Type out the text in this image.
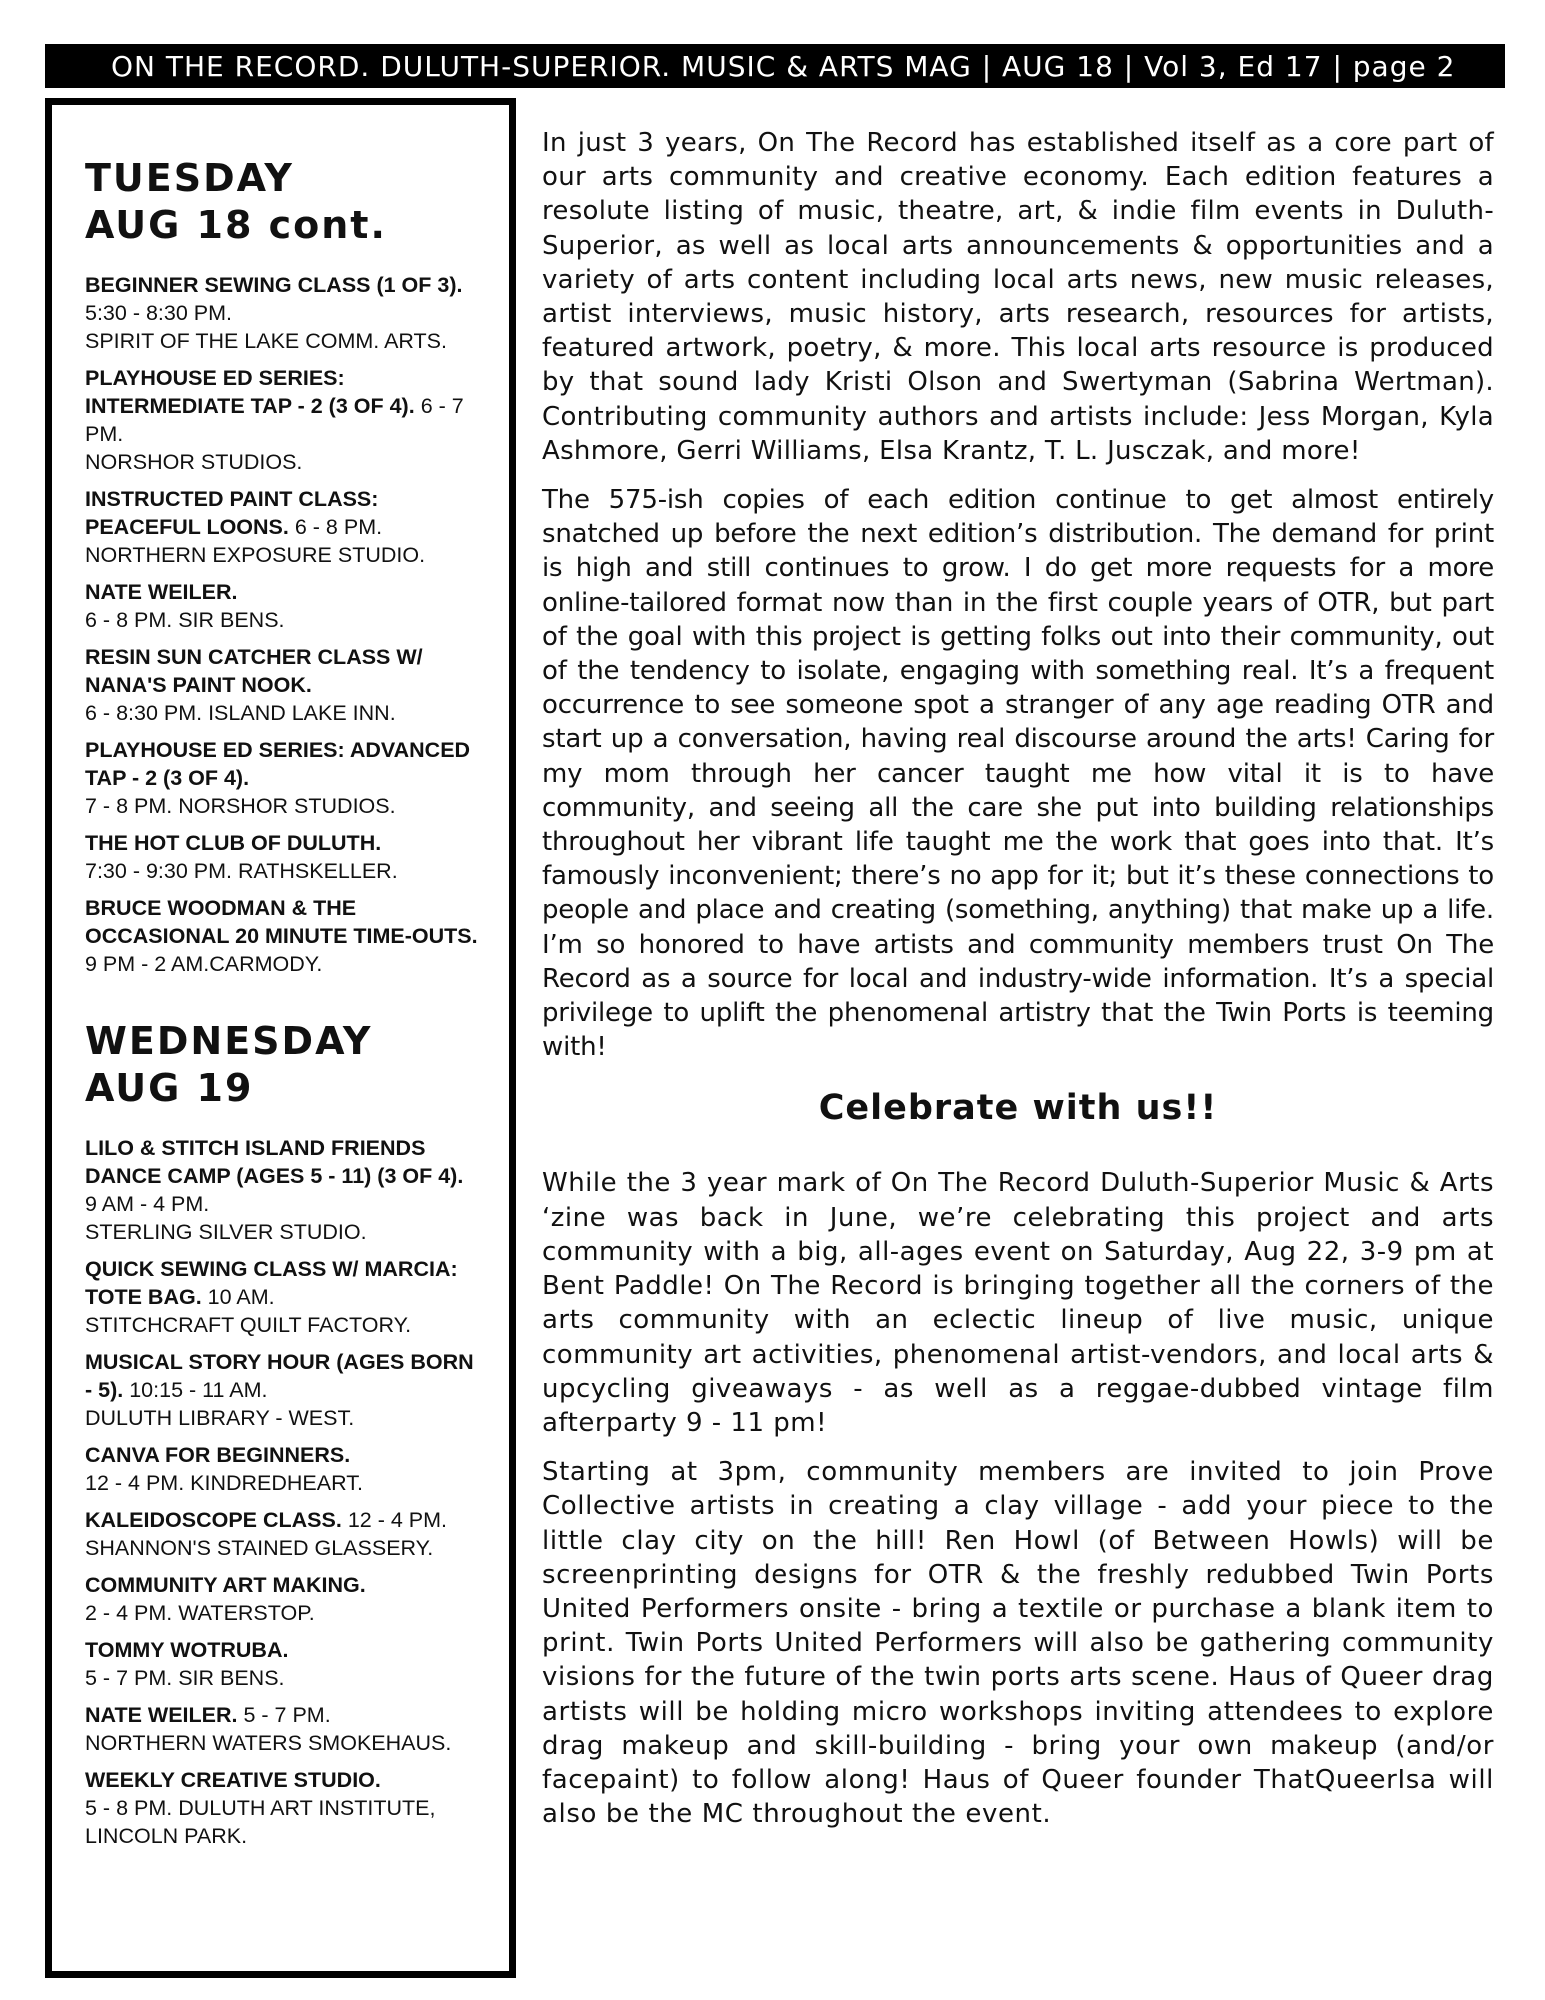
ON THE RECORD. DULUTH-SUPERIOR. MUSIC & ARTS MAG | AUG 18 | Vol 3, Ed 17 | page 2
TUESDAY
AUG 18 cont.
BEGINNER SEWING CLASS (1 OF 3). 5:30 - 8:30 PM.
SPIRIT OF THE LAKE COMM. ARTS.
PLAYHOUSE ED SERIES: INTERMEDIATE TAP - 2 (3 OF 4). 6 - 7 PM.
NORSHOR STUDIOS.
INSTRUCTED PAINT CLASS: PEACEFUL LOONS. 6 - 8 PM.
NORTHERN EXPOSURE STUDIO.
NATE WEILER.
6 - 8 PM. SIR BENS.
RESIN SUN CATCHER CLASS W/ NANA'S PAINT NOOK.
6 - 8:30 PM. ISLAND LAKE INN.
PLAYHOUSE ED SERIES: ADVANCED TAP - 2 (3 OF 4).
7 - 8 PM. NORSHOR STUDIOS.
THE HOT CLUB OF DULUTH.
7:30 - 9:30 PM. RATHSKELLER.
BRUCE WOODMAN & THE OCCASIONAL 20 MINUTE TIME-OUTS. 9 PM - 2 AM.CARMODY.
WEDNESDAY
AUG 19
LILO & STITCH ISLAND FRIENDS DANCE CAMP (AGES 5 - 11) (3 OF 4). 9 AM - 4 PM.
STERLING SILVER STUDIO.
QUICK SEWING CLASS W/ MARCIA: TOTE BAG. 10 AM.
STITCHCRAFT QUILT FACTORY.
MUSICAL STORY HOUR (AGES BORN - 5). 10:15 - 11 AM.
DULUTH LIBRARY - WEST.
CANVA FOR BEGINNERS.
12 - 4 PM. KINDREDHEART.
KALEIDOSCOPE CLASS. 12 - 4 PM.
SHANNON'S STAINED GLASSERY.
COMMUNITY ART MAKING.
2 - 4 PM. WATERSTOP.
TOMMY WOTRUBA.
5 - 7 PM. SIR BENS.
NATE WEILER. 5 - 7 PM.
NORTHERN WATERS SMOKEHAUS.
WEEKLY CREATIVE STUDIO.
5 - 8 PM. DULUTH ART INSTITUTE, LINCOLN PARK.

In just 3 years, On The Record has established itself as a core part of our arts community and creative economy. Each edition features a resolute listing of music, theatre, art, & indie film events in Duluth-Superior, as well as local arts announcements & opportunities and a variety of arts content including local arts news, new music releases, artist interviews, music history, arts research, resources for artists, featured artwork, poetry, & more. This local arts resource is produced by that sound lady Kristi Olson and Swertyman (Sabrina Wertman). Contributing community authors and artists include: Jess Morgan, Kyla Ashmore, Gerri Williams, Elsa Krantz, T. L. Jusczak, and more!

The 575-ish copies of each edition continue to get almost entirely snatched up before the next edition’s distribution. The demand for print is high and still continues to grow. I do get more requests for a more online-tailored format now than in the first couple years of OTR, but part of the goal with this project is getting folks out into their community, out of the tendency to isolate, engaging with something real. It’s a frequent occurrence to see someone spot a stranger of any age reading OTR and start up a conversation, having real discourse around the arts! Caring for my mom through her cancer taught me how vital it is to have community, and seeing all the care she put into building relationships throughout her vibrant life taught me the work that goes into that. It’s famously inconvenient; there’s no app for it; but it’s these connections to people and place and creating (something, anything) that make up a life. I’m so honored to have artists and community members trust On The Record as a source for local and industry-wide information. It’s a special privilege to uplift the phenomenal artistry that the Twin Ports is teeming with!

Celebrate with us!!

While the 3 year mark of On The Record Duluth-Superior Music & Arts ‘zine was back in June, we’re celebrating this project and arts community with a big, all-ages event on Saturday, Aug 22, 3-9 pm at Bent Paddle! On The Record is bringing together all the corners of the arts community with an eclectic lineup of live music, unique community art activities, phenomenal artist-vendors, and local arts & upcycling giveaways - as well as a reggae-dubbed vintage film afterparty 9 - 11 pm!

Starting at 3pm, community members are invited to join Prove Collective artists in creating a clay village - add your piece to the little clay city on the hill! Ren Howl (of Between Howls) will be screenprinting designs for OTR & the freshly redubbed Twin Ports United Performers onsite - bring a textile or purchase a blank item to print. Twin Ports United Performers will also be gathering community visions for the future of the twin ports arts scene. Haus of Queer drag artists will be holding micro workshops inviting attendees to explore drag makeup and skill-building - bring your own makeup (and/or facepaint) to follow along! Haus of Queer founder ThatQueerIsa will also be the MC throughout the event.
